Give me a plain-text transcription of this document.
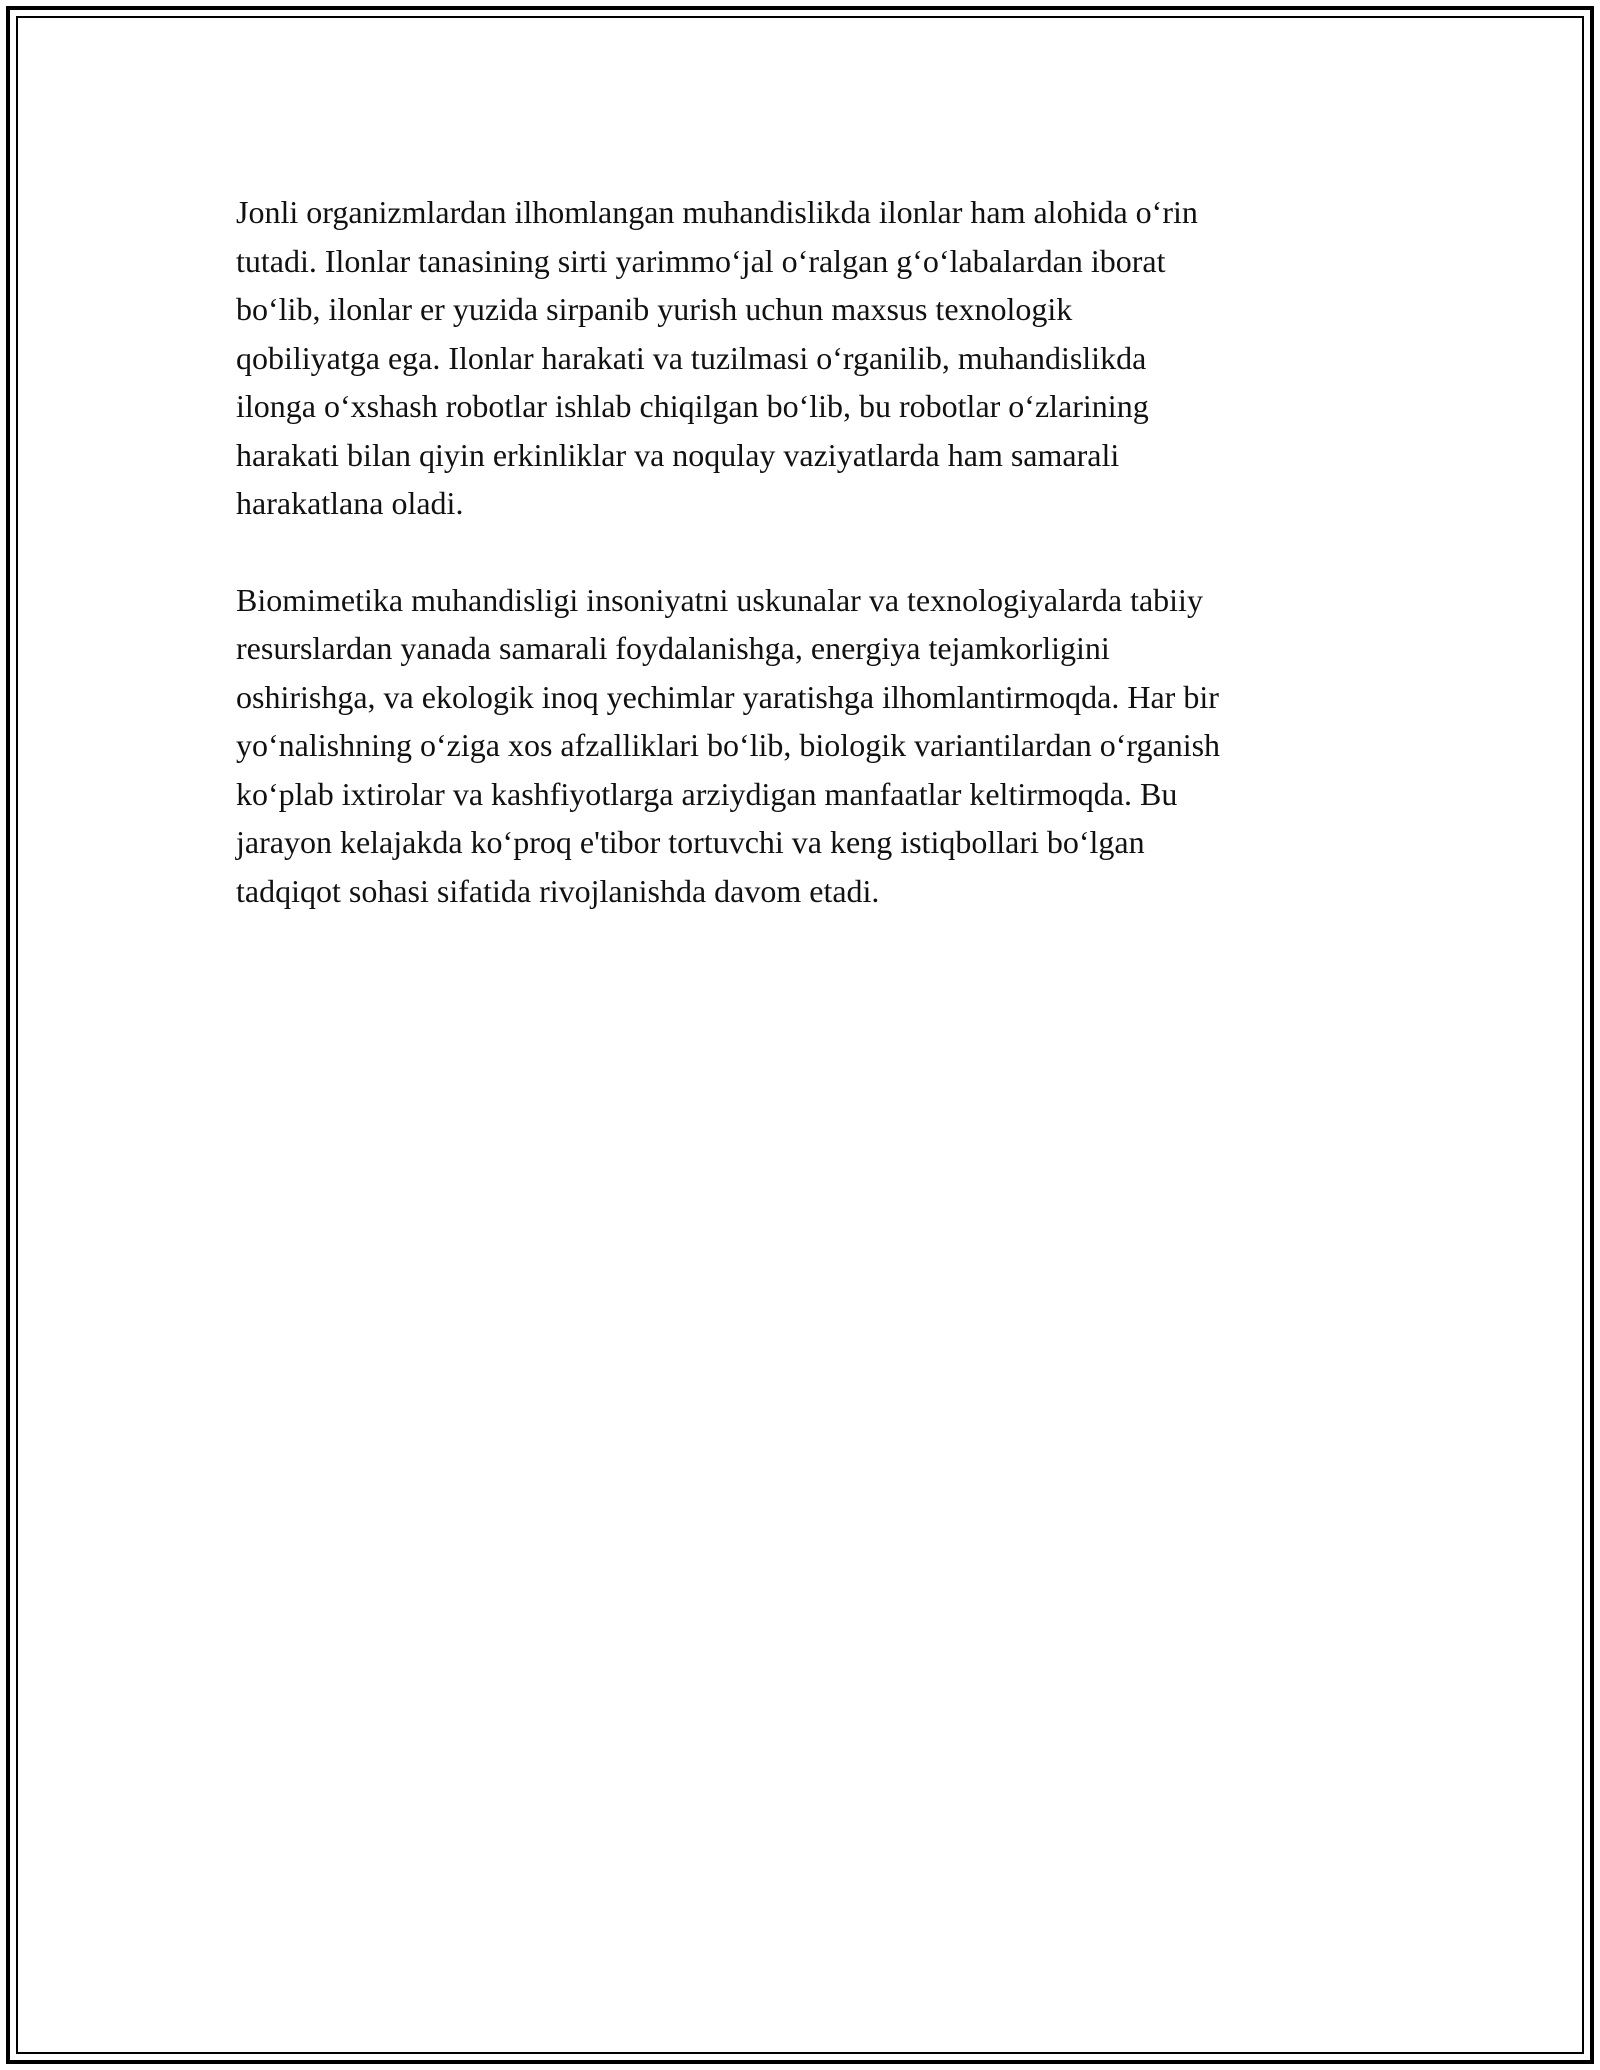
Jonli organizmlardan ilhomlangan muhandislikda ilonlar ham alohida oʻrin
tutadi. Ilonlar tanasining sirti yarimmoʻjal oʻralgan gʻoʻlabalardan iborat
boʻlib, ilonlar er yuzida sirpanib yurish uchun maxsus texnologik
qobiliyatga ega. Ilonlar harakati va tuzilmasi oʻrganilib, muhandislikda
ilonga oʻxshash robotlar ishlab chiqilgan boʻlib, bu robotlar oʻzlarining
harakati bilan qiyin erkinliklar va noqulay vaziyatlarda ham samarali
harakatlana oladi.

Biomimetika muhandisligi insoniyatni uskunalar va texnologiyalarda tabiiy
resurslardan yanada samarali foydalanishga, energiya tejamkorligini
oshirishga, va ekologik inoq yechimlar yaratishga ilhomlantirmoqda. Har bir
yoʻnalishning oʻziga xos afzalliklari boʻlib, biologik variantilardan oʻrganish
koʻplab ixtirolar va kashfiyotlarga arziydigan manfaatlar keltirmoqda. Bu
jarayon kelajakda koʻproq e'tibor tortuvchi va keng istiqbollari boʻlgan
tadqiqot sohasi sifatida rivojlanishda davom etadi.
